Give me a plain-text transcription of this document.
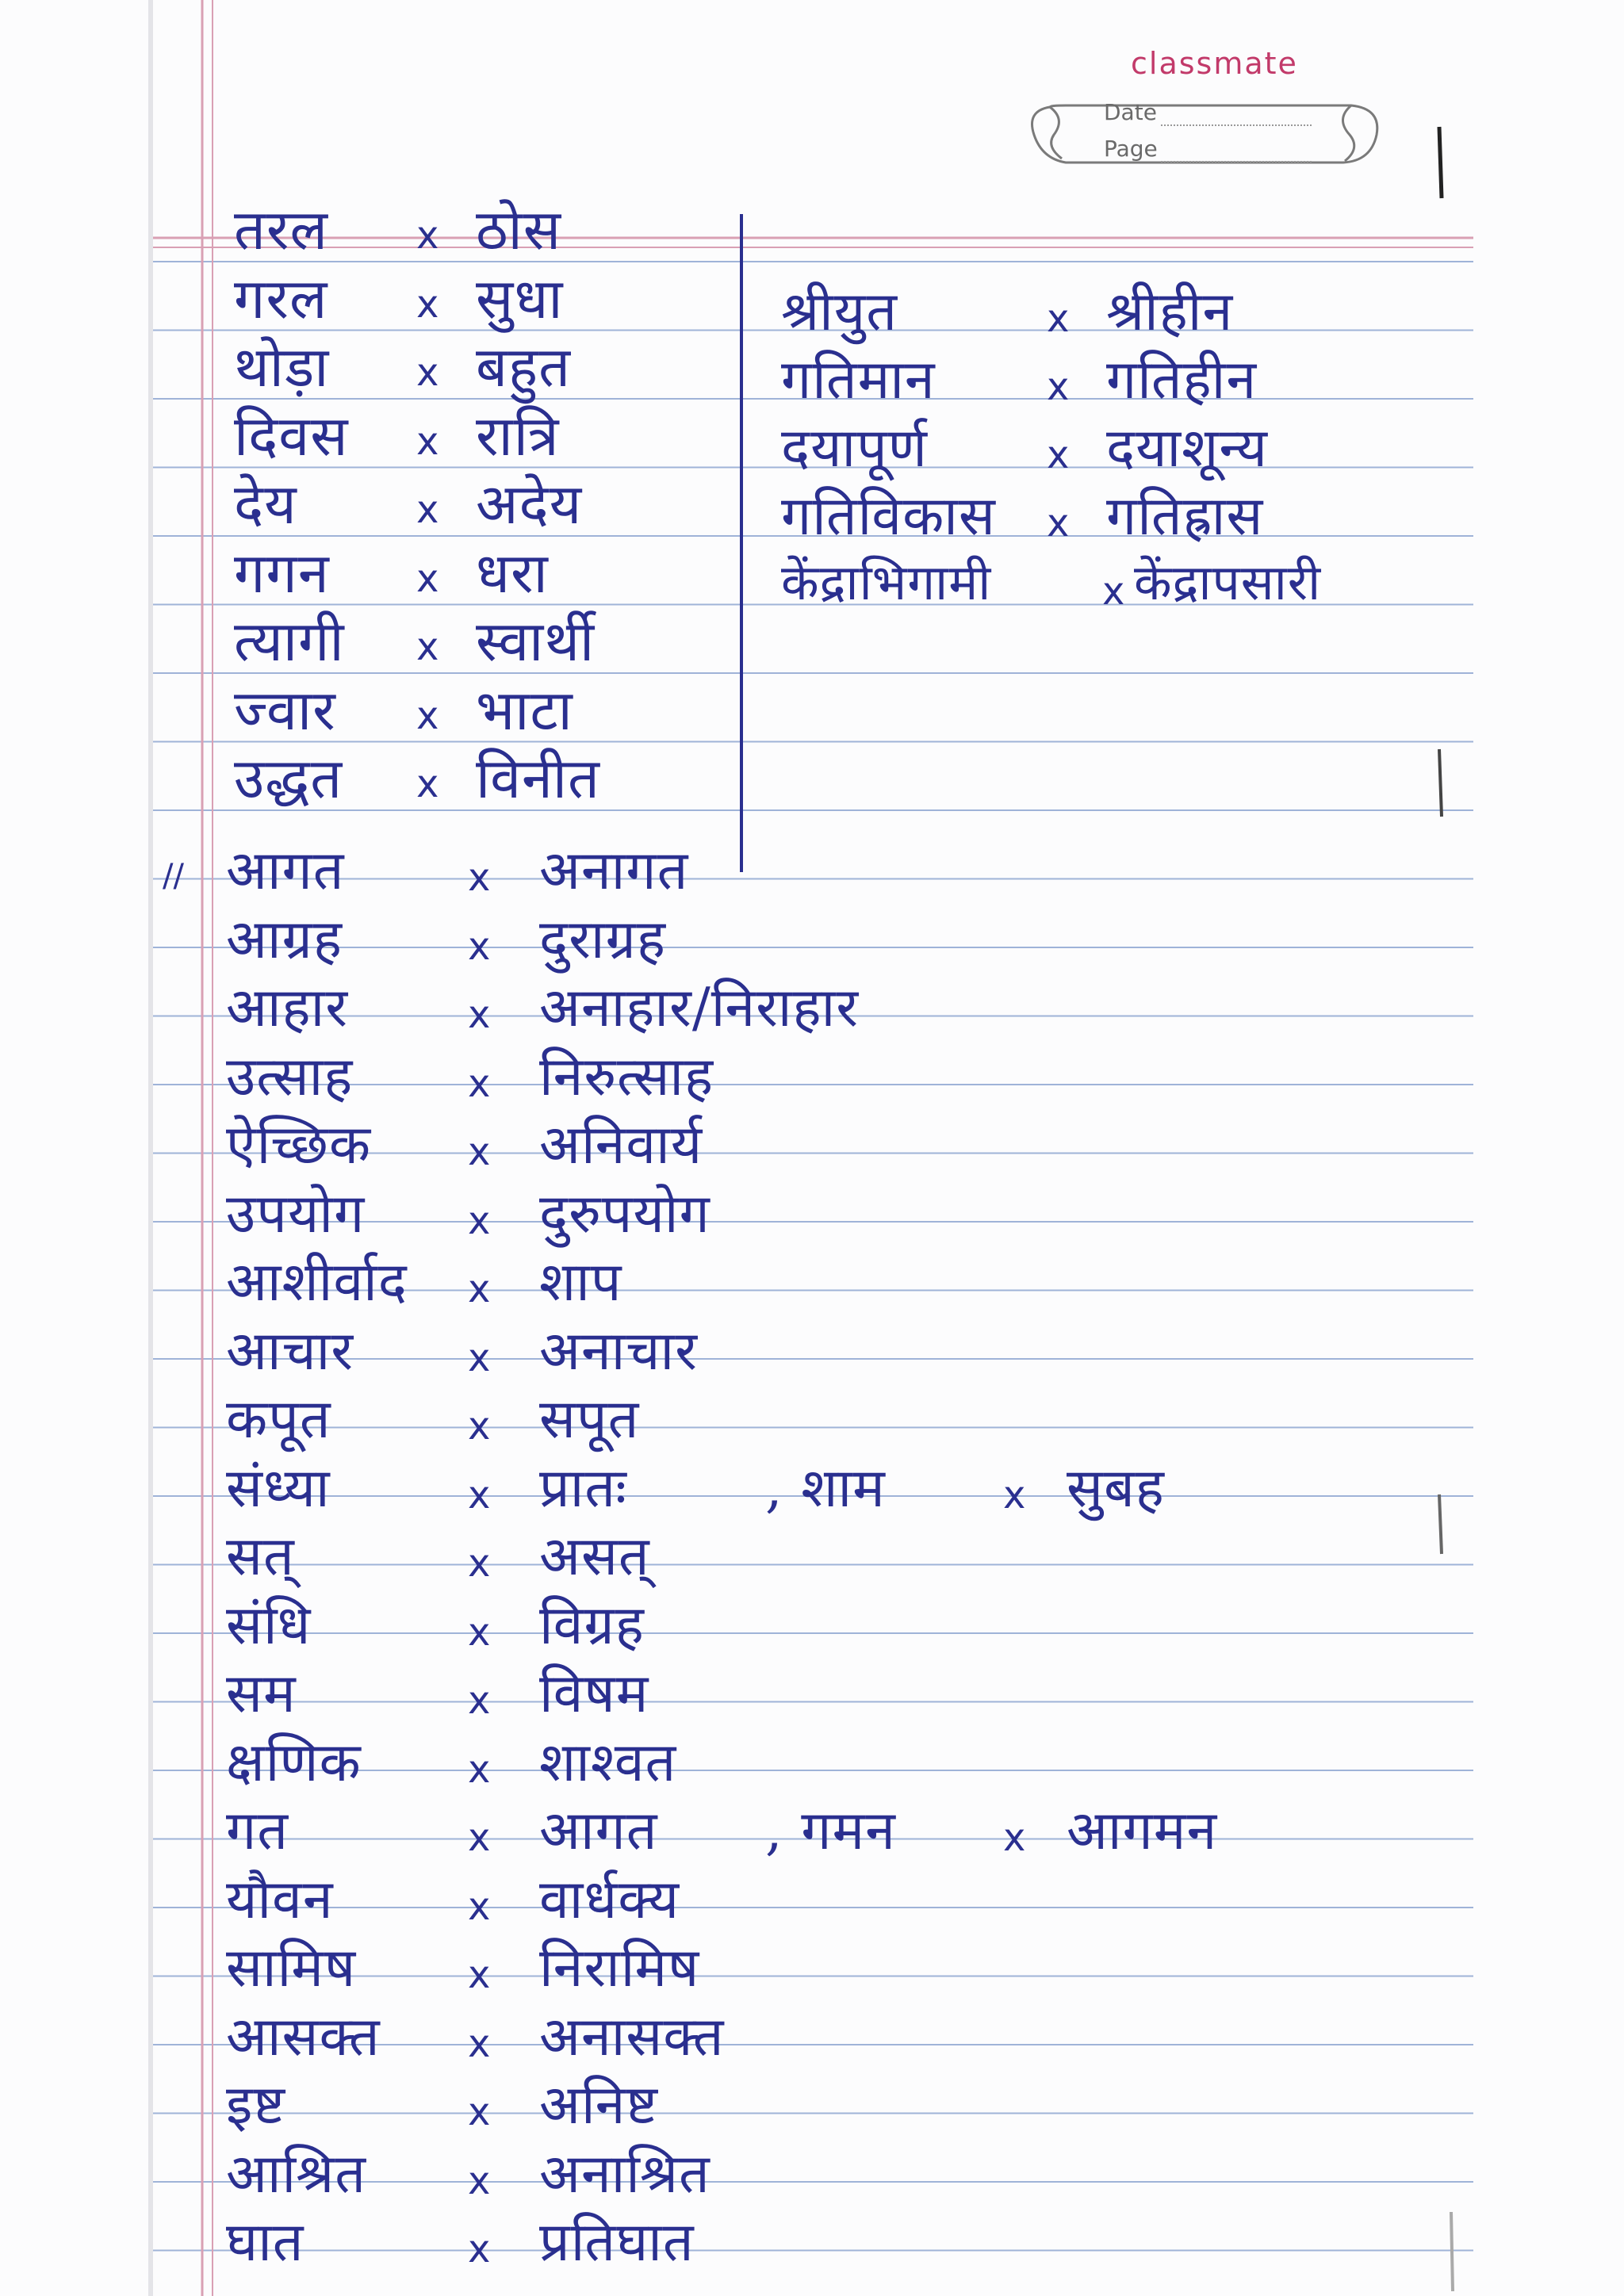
classmate
Date
Page
तरल x ठोस
गरल x सुधा
थोड़ा x बहुत
दिवस x रात्रि
देय	x अदेय
गगन x धरा
त्यागी x स्वार्थी
ज्वार x भाटा
उद्धत x विनीत
श्रीयुत	x श्रीहीन
गतिमान	x गतिहीन
दयापूर्ण	x दयाशून्य
गतिविकास x गतिह्रास
केंद्राभिगामी	x केंद्रापसारी
// आगत	x अनागत
आग्रह	x दुराग्रह
आहार	x अनाहार/निराहार
उत्साह	x निरुत्साह
ऐच्छिक	x अनिवार्य
उपयोग	x दुरुपयोग
आशीर्वाद x शाप
आचार	x अनाचार
कपूत	x सपूत
संध्या	x प्रातः	, शाम	x सुबह
सत्	x असत्
संधि	x विग्रह
सम	x विषम
क्षणिक	x शाश्वत
गत	x आगत , गमन	x आगमन
यौवन	x वार्धक्य
सामिष	x निरामिष
आसक्त x अनासक्त
इष्ट	x अनिष्ट
आश्रित	x अनाश्रित
घात	x प्रतिघात
